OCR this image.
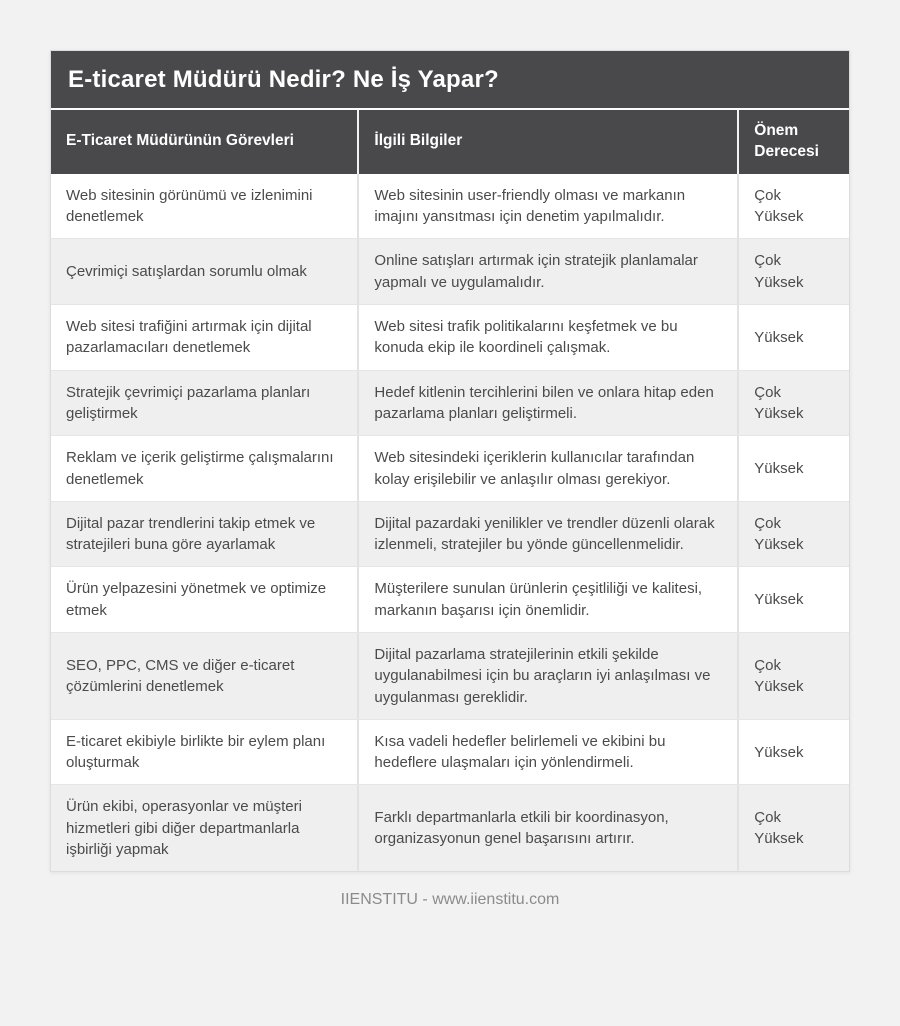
E-ticaret Müdürü Nedir? Ne İş Yapar?
E-Ticaret Müdürünün Görevleri	İlgili Bilgiler
Önem Derecesi
Web sitesinin görünümü ve izlenimini denetlemek
Web sitesinin user-friendly olması ve markanın imajını yansıtması için denetim yapılmalıdır.
Çok Yüksek
Çevrimiçi satışlardan sorumlu olmak
Online satışları artırmak için stratejik planlamalar yapmalı ve uygulamalıdır.
Çok Yüksek
Web sitesi trafiğini artırmak için dijital pazarlamacıları denetlemek
Web sitesi trafik politikalarını keşfetmek ve bu konuda ekip ile koordineli çalışmak.
Yüksek
Stratejik çevrimiçi pazarlama planları geliştirmek
Hedef kitlenin tercihlerini bilen ve onlara hitap eden pazarlama planları geliştirmeli.
Çok Yüksek
Reklam ve içerik geliştirme çalışmalarını denetlemek
Web sitesindeki içeriklerin kullanıcılar tarafından kolay erişilebilir ve anlaşılır olması gerekiyor.
Yüksek
Dijital pazar trendlerini takip etmek ve stratejileri buna göre ayarlamak
Dijital pazardaki yenilikler ve trendler düzenli olarak izlenmeli, stratejiler bu yönde güncellenmelidir.
Çok Yüksek
Ürün yelpazesini yönetmek ve optimize etmek
Müşterilere sunulan ürünlerin çeşitliliği ve kalitesi, markanın başarısı için önemlidir.
Yüksek
SEO, PPC, CMS ve diğer e-ticaret çözümlerini denetlemek
Dijital pazarlama stratejilerinin etkili şekilde uygulanabilmesi için bu araçların iyi anlaşılması ve uygulanması gereklidir.
Çok Yüksek
E-ticaret ekibiyle birlikte bir eylem planı oluşturmak
Kısa vadeli hedefler belirlemeli ve ekibini bu hedeflere ulaşmaları için yönlendirmeli.
Yüksek
Ürün ekibi, operasyonlar ve müşteri hizmetleri gibi diğer departmanlarla işbirliği yapmak
Farklı departmanlarla etkili bir koordinasyon, organizasyonun genel başarısını artırır.
Çok Yüksek
IIENSTITU - www.iienstitu.com
